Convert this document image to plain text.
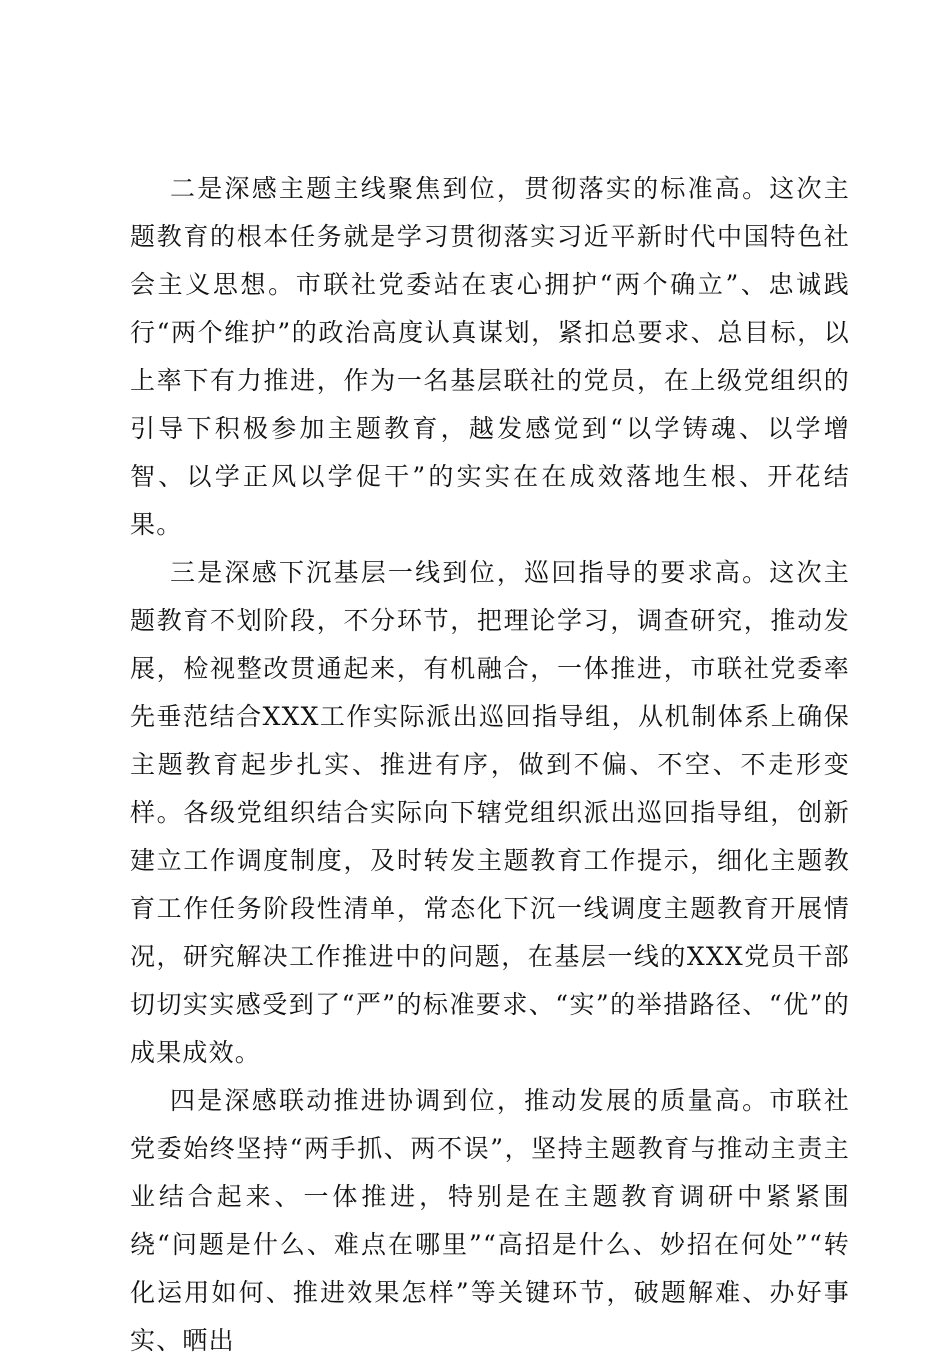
二是深感主题主线聚焦到位，贯彻落实的标准高。这次主题教育的根本任务就是学习贯彻落实习近平新时代中国特色社会主义思想。市联社党委站在衷心拥护“两个确立”、忠诚践行“两个维护”的政治高度认真谋划，紧扣总要求、总目标，以上率下有力推进，作为一名基层联社的党员，在上级党组织的引导下积极参加主题教育，越发感觉到“以学铸魂、以学增智、以学正风以学促干”的实实在在成效落地生根、开花结果。

三是深感下沉基层一线到位，巡回指导的要求高。这次主题教育不划阶段，不分环节，把理论学习，调查研究，推动发展，检视整改贯通起来，有机融合，一体推进，市联社党委率先垂范结合XXX工作实际派出巡回指导组，从机制体系上确保主题教育起步扎实、推进有序，做到不偏、不空、不走形变样。各级党组织结合实际向下辖党组织派出巡回指导组，创新建立工作调度制度，及时转发主题教育工作提示，细化主题教育工作任务阶段性清单，常态化下沉一线调度主题教育开展情况，研究解决工作推进中的问题，在基层一线的XXX党员干部切切实实感受到了“严”的标准要求、“实”的举措路径、“优”的成果成效。

四是深感联动推进协调到位，推动发展的质量高。市联社党委始终坚持“两手抓、两不误”，坚持主题教育与推动主责主业结合起来、一体推进，特别是在主题教育调研中紧紧围绕“问题是什么、难点在哪里”“高招是什么、妙招在何处”“转化运用如何、推进效果怎样”等关键环节，破题解难、办好事实、晒出
